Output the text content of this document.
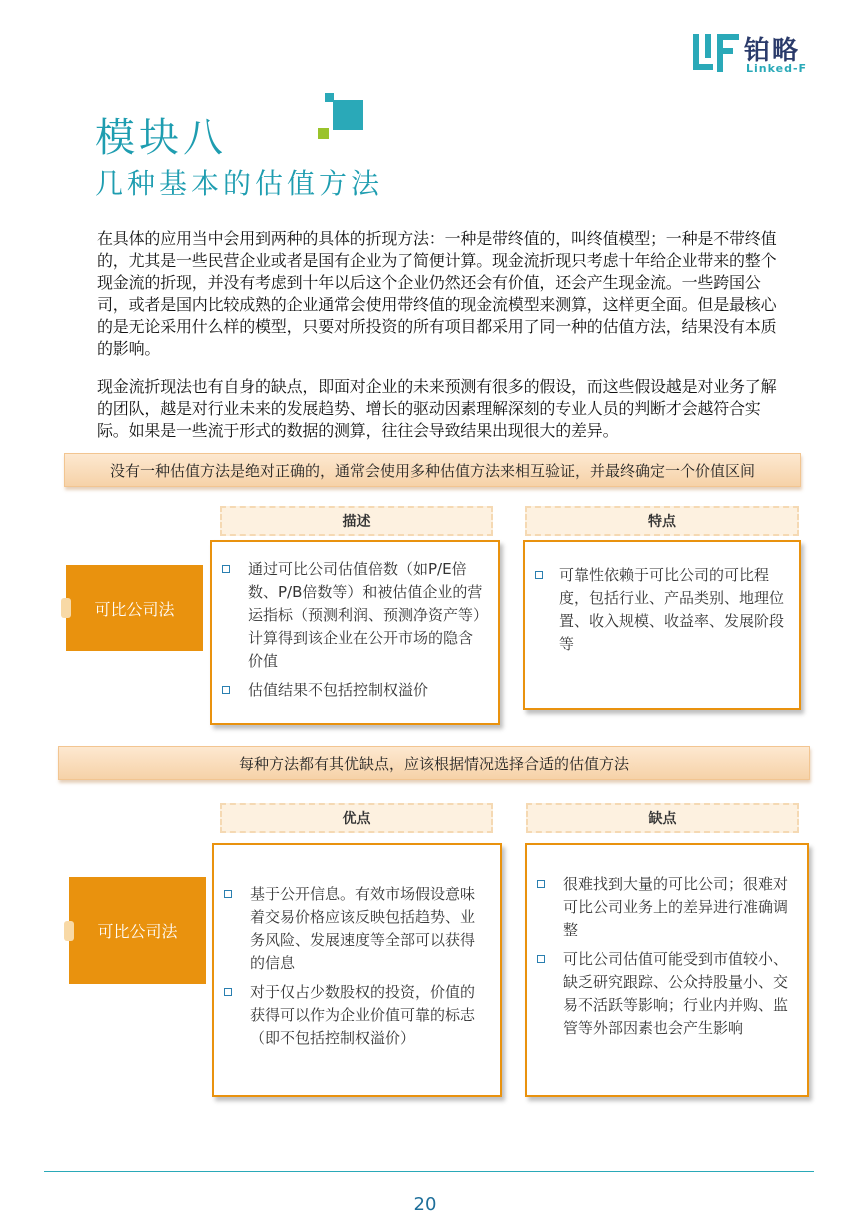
铂略
Linked-F
模块八
几种基本的估值方法
在具体的应用当中会用到两种的具体的折现方法：一种是带终值的，叫终值模型；一种是不带终值的，尤其是一些民营企业或者是国有企业为了简便计算。现金流折现只考虑十年给企业带来的整个现金流的折现，并没有考虑到十年以后这个企业仍然还会有价值，还会产生现金流。一些跨国公司，或者是国内比较成熟的企业通常会使用带终值的现金流模型来测算，这样更全面。但是最核心的是无论采用什么样的模型，只要对所投资的所有项目都采用了同一种的估值方法，结果没有本质的影响。
现金流折现法也有自身的缺点，即面对企业的未来预测有很多的假设，而这些假设越是对业务了解的团队，越是对行业未来的发展趋势、增长的驱动因素理解深刻的专业人员的判断才会越符合实际。如果是一些流于形式的数据的测算，往往会导致结果出现很大的差异。
没有一种估值方法是绝对正确的，通常会使用多种估值方法来相互验证，并最终确定一个价值区间
描述	特点
可比公司法
通过可比公司估值倍数（如P/E倍数、P/B倍数等）和被估值企业的营运指标（预测利润、预测净资产等）计算得到该企业在公开市场的隐含价值
估值结果不包括控制权溢价
可靠性依赖于可比公司的可比程度，包括行业、产品类别、地理位置、收入规模、收益率、发展阶段等
每种方法都有其优缺点，应该根据情况选择合适的估值方法
优点	缺点
可比公司法
基于公开信息。有效市场假设意味着交易价格应该反映包括趋势、业务风险、发展速度等全部可以获得的信息
对于仅占少数股权的投资，价值的获得可以作为企业价值可靠的标志（即不包括控制权溢价）
很难找到大量的可比公司；很难对可比公司业务上的差异进行准确调整
可比公司估值可能受到市值较小、缺乏研究跟踪、公众持股量小、交易不活跃等影响；行业内并购、监管等外部因素也会产生影响
20
